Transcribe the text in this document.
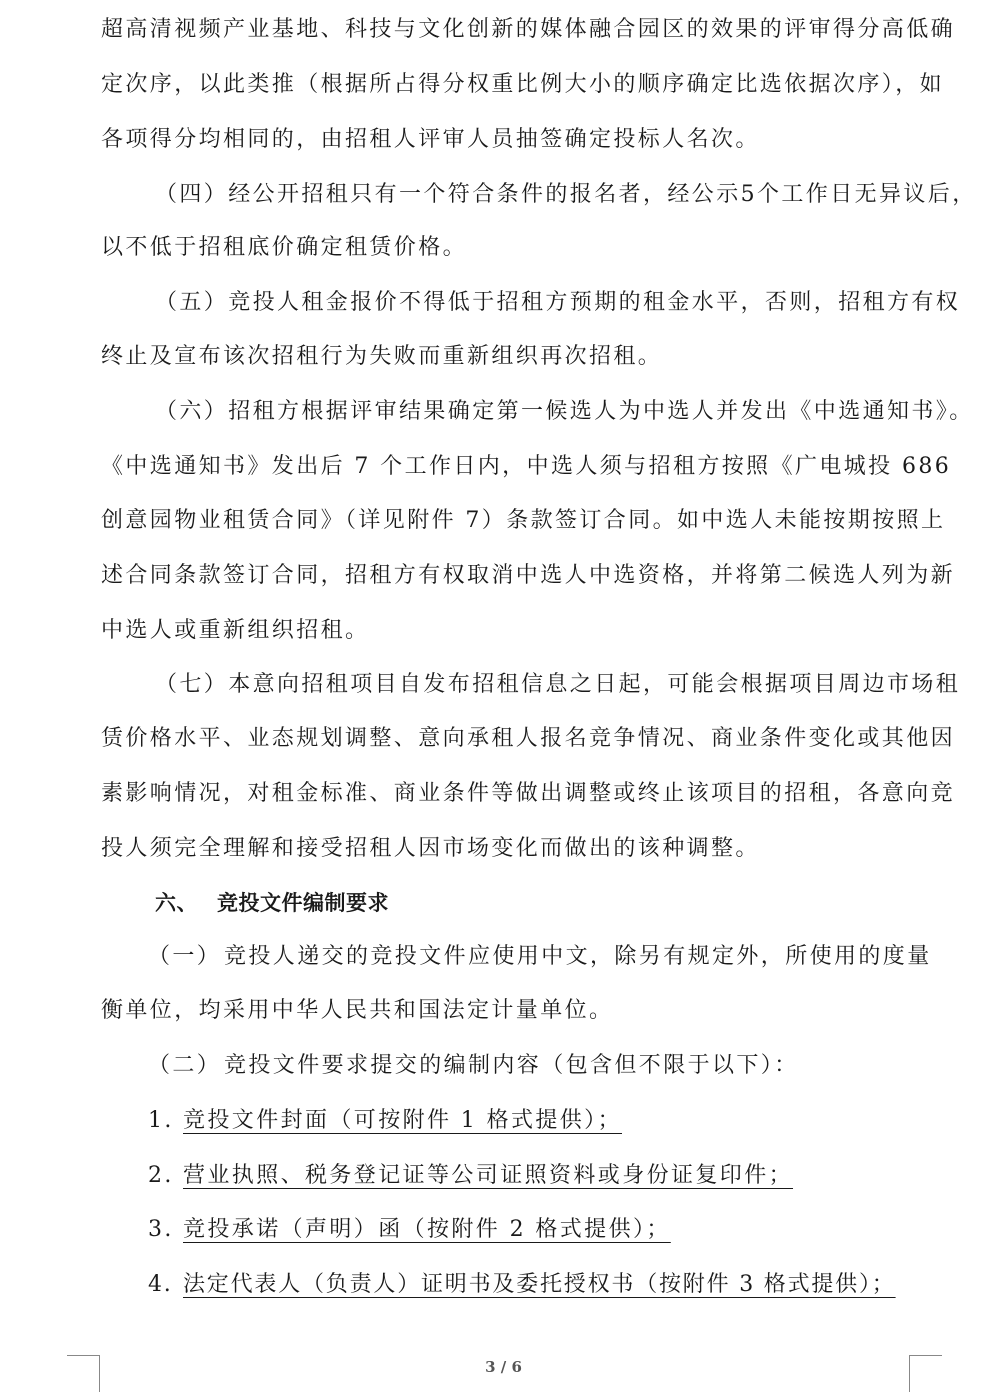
超高清视频产业基地、科技与文化创新的媒体融合园区的效果的评审得分高低确
定次序，以此类推（根据所占得分权重比例大小的顺序确定比选依据次序），如
各项得分均相同的，由招租人评审人员抽签确定投标人名次。
（四）经公开招租只有一个符合条件的报名者，经公示5个工作日无异议后，
以不低于招租底价确定租赁价格。
（五）竞投人租金报价不得低于招租方预期的租金水平，否则，招租方有权
终止及宣布该次招租行为失败而重新组织再次招租。
（六）招租方根据评审结果确定第一候选人为中选人并发出《中选通知书》。
《中选通知书》发出后 7 个工作日内，中选人须与招租方按照《广电城投 686
创意园物业租赁合同》（详见附件 7）条款签订合同。如中选人未能按期按照上
述合同条款签订合同，招租方有权取消中选人中选资格，并将第二候选人列为新
中选人或重新组织招租。
（七）本意向招租项目自发布招租信息之日起，可能会根据项目周边市场租
赁价格水平、业态规划调整、意向承租人报名竞争情况、商业条件变化或其他因
素影响情况，对租金标准、商业条件等做出调整或终止该项目的招租，各意向竞
投人须完全理解和接受招租人因市场变化而做出的该种调整。
六、 竞投文件编制要求
（一） 竞投人递交的竞投文件应使用中文，除另有规定外，所使用的度量
衡单位，均采用中华人民共和国法定计量单位。
（二） 竞投文件要求提交的编制内容（包含但不限于以下）：
1. 竞投文件封面（可按附件 1 格式提供）；
2. 营业执照、税务登记证等公司证照资料或身份证复印件；
3. 竞投承诺（声明）函（按附件 2 格式提供）；
4. 法定代表人（负责人）证明书及委托授权书（按附件 3 格式提供）；
3 / 6
